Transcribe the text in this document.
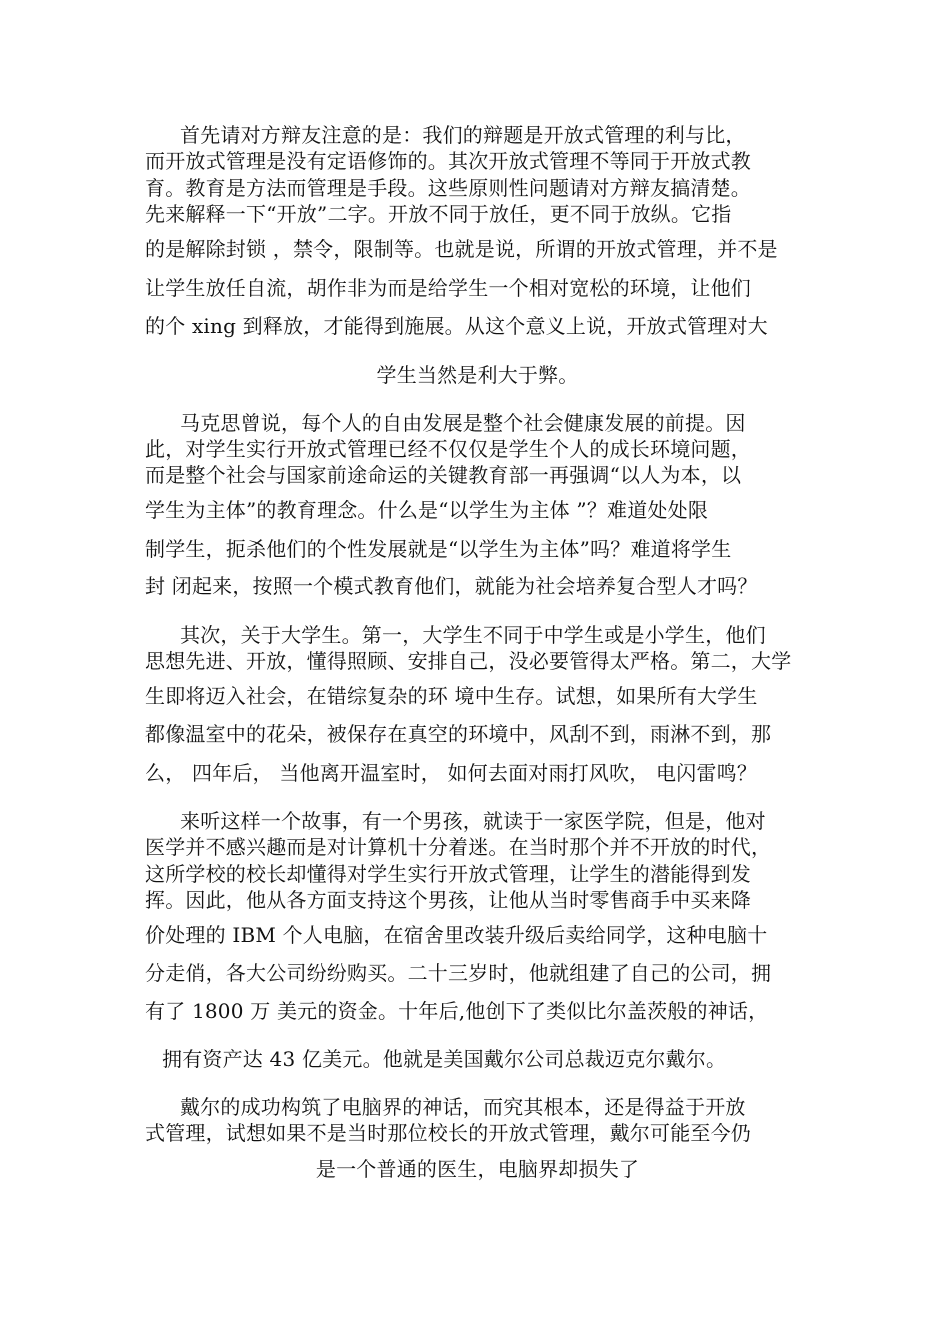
首先请对方辩友注意的是：我们的辩题是开放式管理的利与比，
而开放式管理是没有定语修饰的。其次开放式管理不等同于开放式教
育。教育是方法而管理是手段。这些原则性问题请对方辩友搞清楚。
先来解释一下“开放”二字。开放不同于放任，更不同于放纵。它指
的是解除封锁 ，禁令，限制等。也就是说，所谓的开放式管理，并不是
让学生放任自流，胡作非为而是给学生一个相对宽松的环境，让他们
的个 xing 到释放，才能得到施展。从这个意义上说，开放式管理对大
学生当然是利大于弊。
马克思曾说，每个人的自由发展是整个社会健康发展的前提。因
此，对学生实行开放式管理已经不仅仅是学生个人的成长环境问题，
而是整个社会与国家前途命运的关键教育部一再强调“以人为本，以
学生为主体”的教育理念。什么是“以学生为主体 ”？难道处处限
制学生，扼杀他们的个性发展就是“以学生为主体”吗？难道将学生
封 闭起来，按照一个模式教育他们，就能为社会培养复合型人才吗？
其次，关于大学生。第一，大学生不同于中学生或是小学生，他们
思想先进、开放，懂得照顾、安排自己，没必要管得太严格。第二，大学
生即将迈入社会，在错综复杂的环 境中生存。试想，如果所有大学生
都像温室中的花朵，被保存在真空的环境中，风刮不到，雨淋不到，那
么， 四年后， 当他离开温室时， 如何去面对雨打风吹， 电闪雷鸣？
来听这样一个故事，有一个男孩，就读于一家医学院，但是，他对
医学并不感兴趣而是对计算机十分着迷。在当时那个并不开放的时代，
这所学校的校长却懂得对学生实行开放式管理，让学生的潜能得到发
挥。因此，他从各方面支持这个男孩，让他从当时零售商手中买来降
价处理的 IBM 个人电脑，在宿舍里改装升级后卖给同学，这种电脑十
分走俏，各大公司纷纷购买。二十三岁时，他就组建了自己的公司，拥
有了 1800 万 美元的资金。十年后,他创下了类似比尔盖茨般的神话，
拥有资产达 43 亿美元。他就是美国戴尔公司总裁迈克尔戴尔。
戴尔的成功构筑了电脑界的神话，而究其根本，还是得益于开放
式管理，试想如果不是当时那位校长的开放式管理，戴尔可能至今仍
是一个普通的医生，电脑界却损失了
